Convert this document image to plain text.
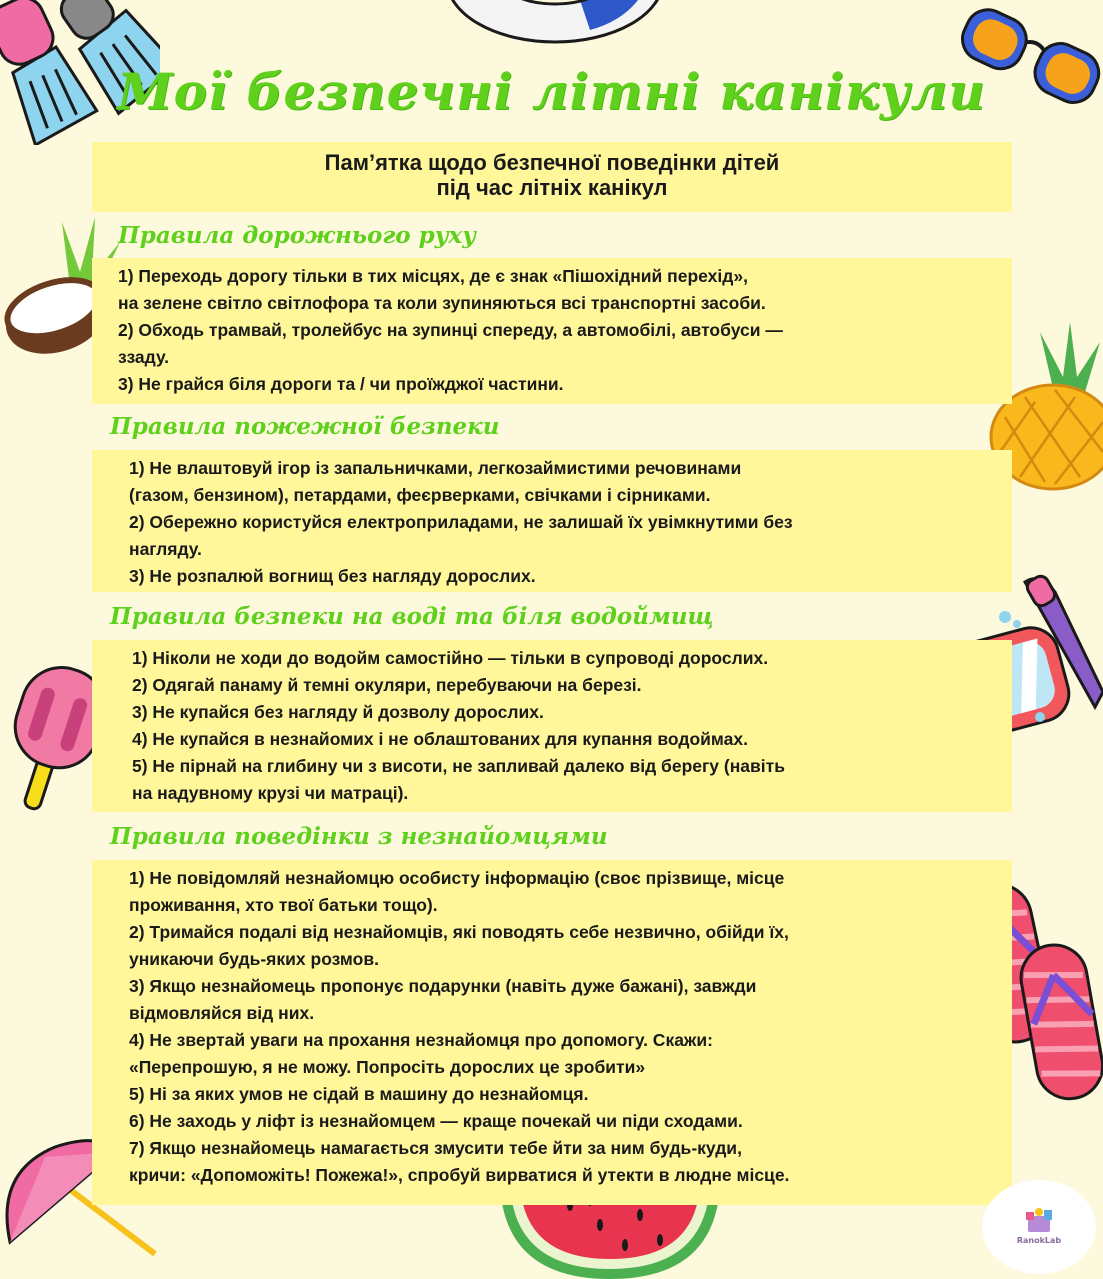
Мої безпечні літні канікули
Пам’ятка щодо безпечної поведінки дітей
під час літніх канікул
Правила дорожнього руху
1) Переходь дорогу тільки в тих місцях, де є знак «Пішохідний перехід»,
на зелене світло світлофора та коли зупиняються всі транспортні засоби.
2) Обходь трамвай, тролейбус на зупинці спереду, а автомобілі, автобуси —
ззаду.
3) Не грайся біля дороги та / чи проїжджої частини.
Правила пожежної безпеки
1) Не влаштовуй ігор із запальничками, легкозаймистими речовинами
(газом, бензином), петардами, феєрверками, свічками і сірниками.
2) Обережно користуйся електроприладами, не залишай їх увімкнутими без
нагляду.
3) Не розпалюй вогнищ без нагляду дорослих.
Правила безпеки на воді та біля водоймищ
1) Ніколи не ходи до водойм самостійно — тільки в супроводі дорослих.
2) Одягай панаму й темні окуляри, перебуваючи на березі.
3) Не купайся без нагляду й дозволу дорослих.
4) Не купайся в незнайомих і не облаштованих для купання водоймах.
5) Не пірнай на глибину чи з висоти, не запливай далеко від берегу (навіть
на надувному крузі чи матраці).
Правила поведінки з незнайомцями
1) Не повідомляй незнайомцю особисту інформацію (своє прізвище, місце
проживання, хто твої батьки тощо).
2) Тримайся подалі від незнайомців, які поводять себе незвично, обійди їх,
уникаючи будь-яких розмов.
3) Якщо незнайомець пропонує подарунки (навіть дуже бажані), завжди
відмовляйся від них.
4) Не звертай уваги на прохання незнайомця про допомогу. Скажи:
«Перепрошую, я не можу. Попросіть дорослих це зробити»
5) Ні за яких умов не сідай в машину до незнайомця.
6) Не заходь у ліфт із незнайомцем — краще почекай чи піди сходами.
7) Якщо незнайомець намагається змусити тебе йти за ним будь-куди,
кричи: «Допоможіть! Пожежа!», спробуй вирватися й утекти в людне місце.
RanokLab
